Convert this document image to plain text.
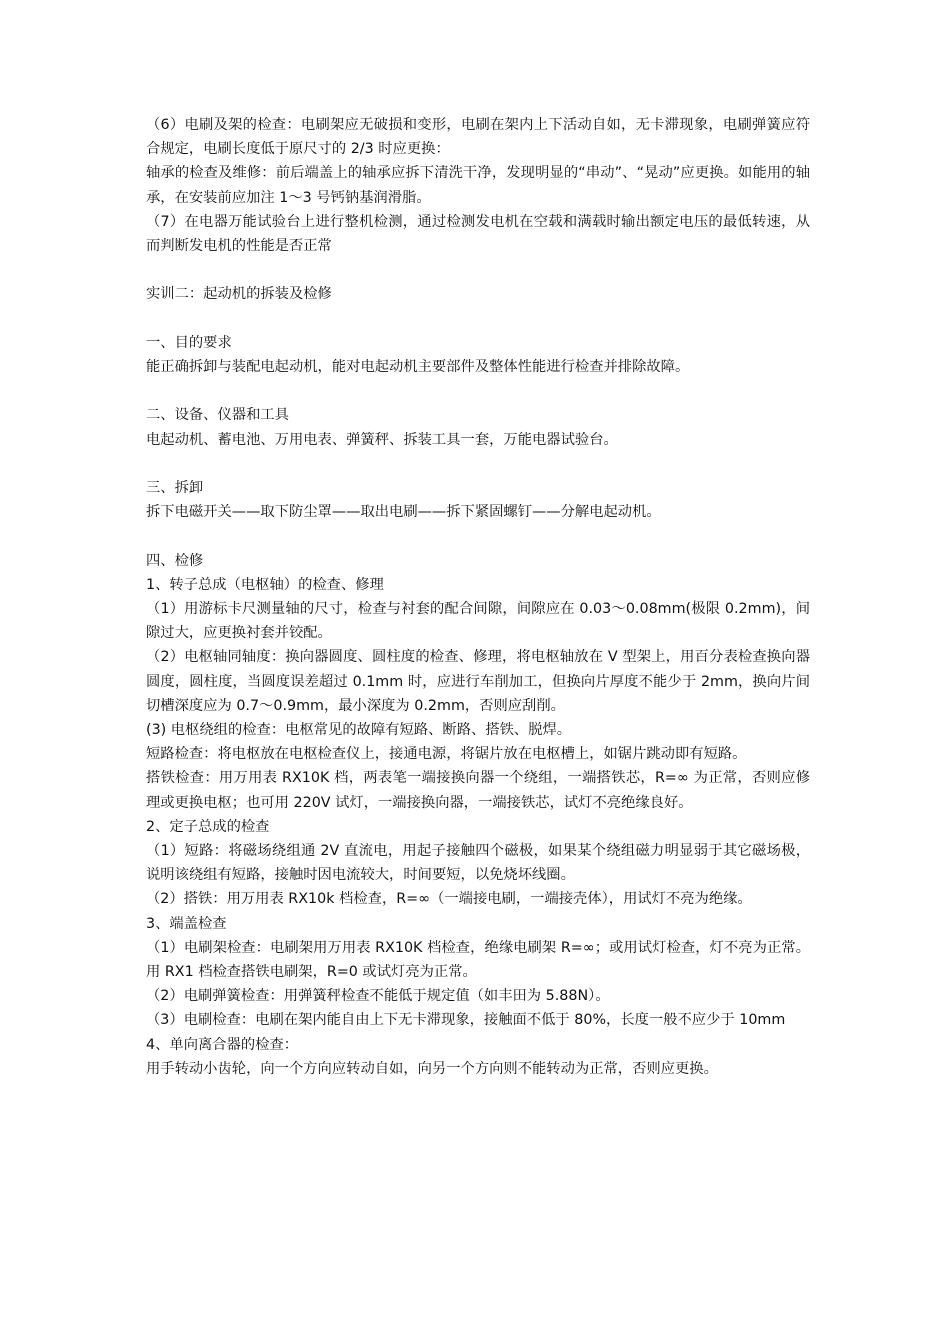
（6）电刷及架的检查：电刷架应无破损和变形，电刷在架内上下活动自如，无卡滞现象，电刷弹簧应符合规定，电刷长度低于原尺寸的 2/3 时应更换：

轴承的检查及维修：前后端盖上的轴承应拆下清洗干净，发现明显的“串动”、“晃动”应更换。如能用的轴承，在安装前应加注 1～3 号钙钠基润滑脂。

（7）在电器万能试验台上进行整机检测，通过检测发电机在空载和满载时输出额定电压的最低转速，从而判断发电机的性能是否正常

实训二：起动机的拆装及检修

一、目的要求

能正确拆卸与装配电起动机，能对电起动机主要部件及整体性能进行检查并排除故障。

二、设备、仪器和工具

电起动机、蓄电池、万用电表、弹簧秤、拆装工具一套，万能电器试验台。

三、拆卸

拆下电磁开关——取下防尘罩——取出电刷——拆下紧固螺钉——分解电起动机。

四、检修

1、转子总成（电枢轴）的检查、修理

（1）用游标卡尺测量轴的尺寸，检查与衬套的配合间隙，间隙应在 0.03～0.08mm(极限 0.2mm)，间隙过大，应更换衬套并铰配。

（2）电枢轴同轴度：换向器圆度、圆柱度的检查、修理，将电枢轴放在 V 型架上，用百分表检查换向器圆度，圆柱度，当圆度误差超过 0.1mm 时，应进行车削加工，但换向片厚度不能少于 2mm，换向片间切槽深度应为 0.7～0.9mm，最小深度为 0.2mm，否则应刮削。

(3) 电枢绕组的检查：电枢常见的故障有短路、断路、搭铁、脱焊。

短路检查：将电枢放在电枢检查仪上，接通电源，将锯片放在电枢槽上，如锯片跳动即有短路。

搭铁检查：用万用表 RX10K 档，两表笔一端接换向器一个绕组，一端搭铁芯，R=∞ 为正常，否则应修理或更换电枢；也可用 220V 试灯，一端接换向器，一端接铁芯，试灯不亮绝缘良好。

2、定子总成的检查

（1）短路：将磁场绕组通 2V 直流电，用起子接触四个磁极，如果某个绕组磁力明显弱于其它磁场极，说明该绕组有短路，接触时因电流较大，时间要短，以免烧坏线圈。

（2）搭铁：用万用表 RX10k 档检查，R=∞（一端接电刷，一端接壳体），用试灯不亮为绝缘。

3、端盖检查

（1）电刷架检查：电刷架用万用表 RX10K 档检查，绝缘电刷架 R=∞；或用试灯检查，灯不亮为正常。用 RX1 档检查搭铁电刷架，R=0 或试灯亮为正常。

（2）电刷弹簧检查：用弹簧秤检查不能低于规定值（如丰田为 5.88N）。

（3）电刷检查：电刷在架内能自由上下无卡滞现象，接触面不低于 80%，长度一般不应少于 10mm

4、单向离合器的检查：

用手转动小齿轮，向一个方向应转动自如，向另一个方向则不能转动为正常，否则应更换。
